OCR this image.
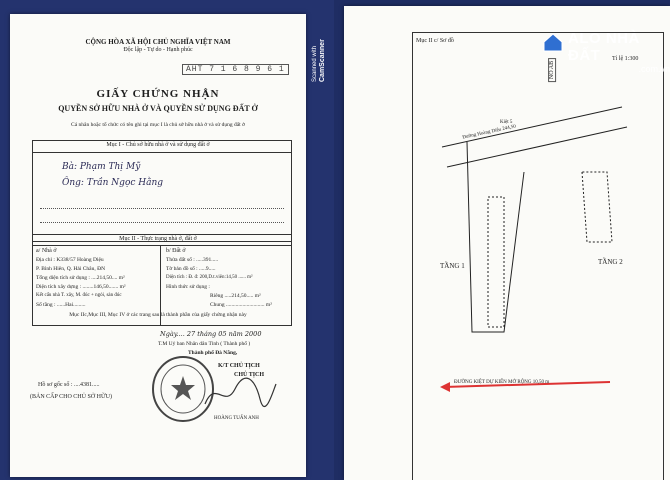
AHT 7 1 6 8 9 6 1
CỘNG HÒA XÃ HỘI CHỦ NGHĨA VIỆT NAM
Độc lập - Tự do - Hạnh phúc
GIẤY CHỨNG NHẬN
QUYỀN SỞ HỮU NHÀ Ở VÀ QUYỀN SỬ DỤNG ĐẤT Ở
Cá nhân hoặc tổ chức có tên ghi tại mục I là chủ sở hữu nhà ở và sử dụng đất ở
Mục I - Chủ sở hữu nhà ở và sử dụng đất ở
Bà: Phạm Thị Mỹ
Ông: Trần Ngọc Hằng
Mục II - Thực trạng nhà ở, đất ở
a/ Nhà ở
Địa chỉ : K338/57 Hoàng Diệu
P. Bình Hiên, Q. Hải Châu, ĐN
Tổng diện tích sử dụng : ....214,50.... m²
Diện tích xây dựng : ........146,50....... m²
Kết cấu nhà T. xây, M. đúc + ngói, sàn đúc
Số tầng : ......Hai.........
b/ Đất ở
Thửa đất số : .....391.....
Tờ bản đồ số : .....9.....
Diện tích : Đ. đ: 200,D.t.viên:14,50 ...... m²
Hình thức sử dụng :
Riêng .....214,50..... m²
Chung ............................ m²
Mục IIc,Mục III, Mục IV ở các trang sau là thành phần của giấy chứng nhận này
Ngày.... 27 tháng 05 năm 2000
T.M Uỷ ban Nhân dân Tỉnh ( Thành phố )
Thành phố Đà Nẵng,
K/T CHỦ TỊCH
CHỦ TỊCH
HOÀNG TUẤN ANH
Hồ sơ gốc số : ....4381.....
(BẢN CẤP CHO CHỦ SỞ HỮU)
Scanned with CamScanner	Mục II c/ Sơ đồ
Tỉ lệ 1:300
NO AB
Kiệt 5
Đường Hoàng Diệu 244,50
TẦNG 1	TẦNG 2
ĐƯỜNG KIỆT DỰ KIẾN MỞ RỘNG 10,50 m
ALO NHÀ ĐẤT
.com.vn
